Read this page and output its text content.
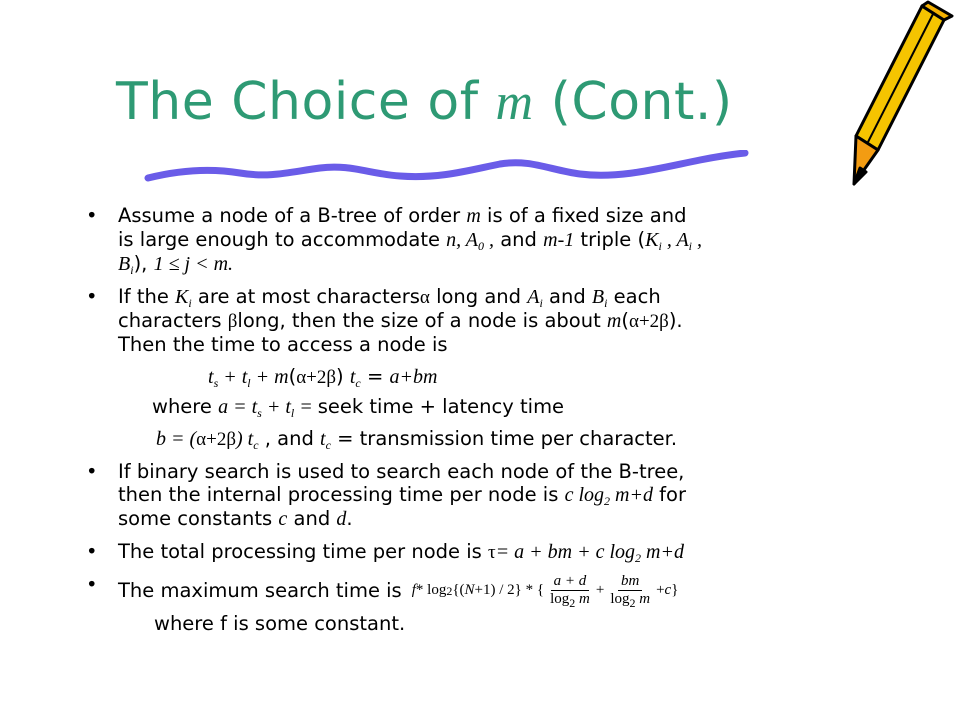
The Choice of m (Cont.)
• Assume a node of a B-tree of order m is of a fixed size and
is large enough to accommodate n, $A_0$ , and m-1 triple ($K_i$ , $A_i$ ,
$B_i$), 1 ≤ j < m.
• If the $K_i$ are at most charactersα long and $A_i$ and $B_i$ each
characters βlong, then the size of a node is about m(α+2β).
Then the time to access a node is
$t_s + t_l + m(\alpha+2\beta) t_c = a+bm$
where $a = t_s + t_l$ = seek time + latency time
b = (α+2β) $t_c$ , and $t_c$ = transmission time per character.
• If binary search is used to search each node of the B-tree,
then the internal processing time per node is c $\log_2 m+d$ for
some constants c and d.
• The total processing time per node is τ= a + bm + c $\log_2 m+d$
• The maximum search time is f * log 2 {( N +1) / 2} * { $\frac{a + d}{\log_2 m} + \frac{bm}{\log_2 m} + c$ }
where f is some constant.
